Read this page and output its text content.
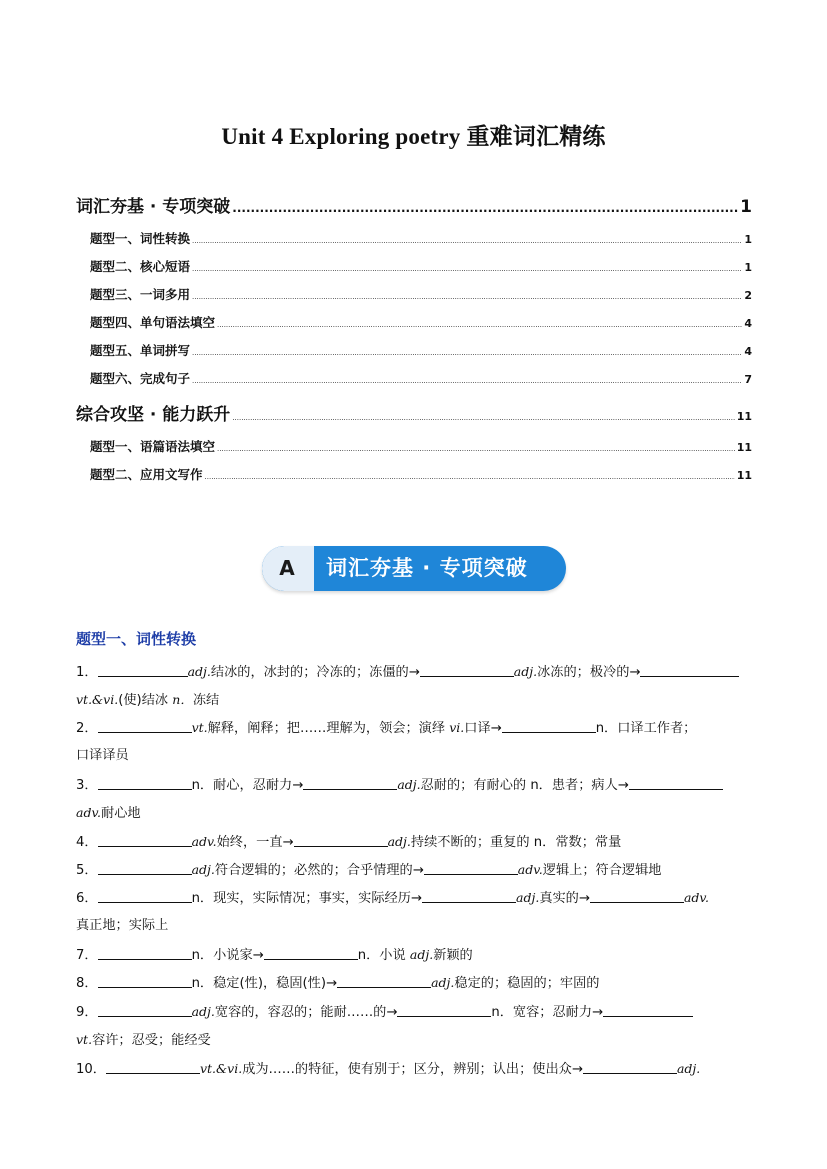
Unit 4 Exploring poetry 重难词汇精练
词汇夯基 · 专项突破 .....	1
题型一、词性转换 .....	1
题型二、核心短语 .....	1
题型三、一词多用 .....	2
题型四、单句语法填空 .....	4
题型五、单词拼写 .....	4
题型六、完成句子 .....	7
综合攻坚 · 能力跃升 .....	11
题型一、语篇语法填空 .....	11
题型二、应用文写作 .....	11
A	词汇夯基 · 专项突破
题型一、词性转换
1．	adj.结冰的，冰封的；冷冻的；冻僵的→	adj.冰冻的；极冷的→
vt.&vi.(使)结冰 n．冻结
2．	vt.解释，阐释；把……理解为，领会；演绎 vi.口译→	n．口译工作者；
口译译员
3．	n．耐心，忍耐力→	adj.忍耐的；有耐心的 n．患者；病人→
adv.耐心地
4．	adv.始终，一直→	adj.持续不断的；重复的 n．常数；常量
5．	adj.符合逻辑的；必然的；合乎情理的→	adv.逻辑上；符合逻辑地
6．	n．现实，实际情况；事实，实际经历→	adj.真实的→	adv.
真正地；实际上
7．	n．小说家→	n．小说 adj.新颖的
8．	n．稳定(性)，稳固(性)→	adj.稳定的；稳固的；牢固的
9．	adj.宽容的，容忍的；能耐……的→	n．宽容；忍耐力→
vt.容许；忍受；能经受
10．	vt.&vi.成为……的特征，使有别于；区分，辨别；认出；使出众→	adj.
